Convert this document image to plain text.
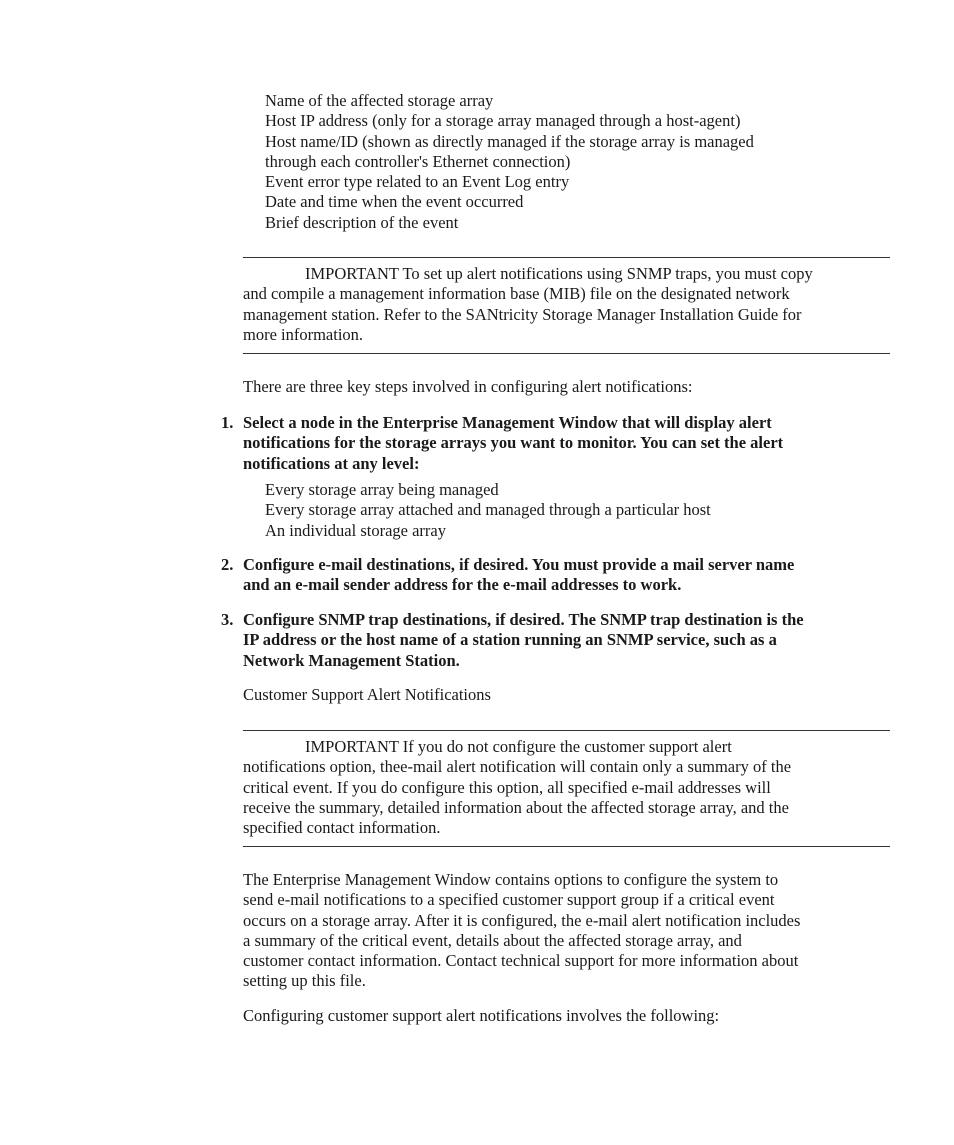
Name of the affected storage array
Host IP address (only for a storage array managed through a host-agent)
Host name/ID (shown as directly managed if the storage array is managed
through each controller's Ethernet connection)
Event error type related to an Event Log entry
Date and time when the event occurred
Brief description of the event
IMPORTANT To set up alert notifications using SNMP traps, you must copy
and compile a management information base (MIB) file on the designated network
management station. Refer to the SANtricity Storage Manager Installation Guide for
more information.
There are three key steps involved in configuring alert notifications:
1. Select a node in the Enterprise Management Window that will display alert
notifications for the storage arrays you want to monitor. You can set the alert
notifications at any level:
Every storage array being managed
Every storage array attached and managed through a particular host
An individual storage array
2. Configure e-mail destinations, if desired. You must provide a mail server name
and an e-mail sender address for the e-mail addresses to work.
3. Configure SNMP trap destinations, if desired. The SNMP trap destination is the
IP address or the host name of a station running an SNMP service, such as a
Network Management Station.
Customer Support Alert Notifications
IMPORTANT If you do not configure the customer support alert
notifications option, thee-mail alert notification will contain only a summary of the
critical event. If you do configure this option, all specified e-mail addresses will
receive the summary, detailed information about the affected storage array, and the
specified contact information.
The Enterprise Management Window contains options to configure the system to
send e-mail notifications to a specified customer support group if a critical event
occurs on a storage array. After it is configured, the e-mail alert notification includes
a summary of the critical event, details about the affected storage array, and
customer contact information. Contact technical support for more information about
setting up this file.
Configuring customer support alert notifications involves the following:
